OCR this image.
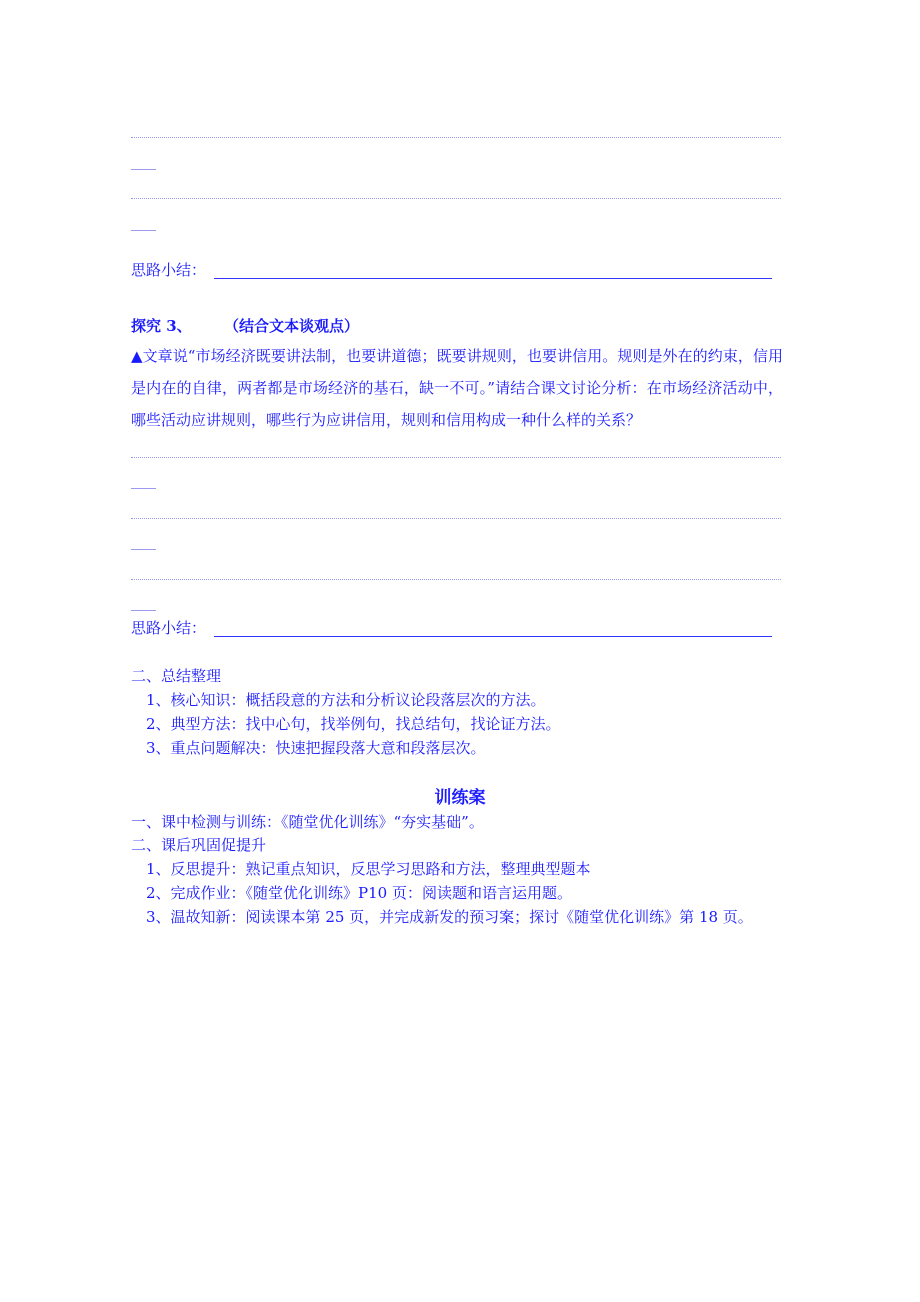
思路小结：
探究 3、 （结合文本谈观点）
▲文章说“市场经济既要讲法制，也要讲道德；既要讲规则，也要讲信用。规则是外在的约束，信用是内在的自律，两者都是市场经济的基石，缺一不可。”请结合课文讨论分析：在市场经济活动中，哪些活动应讲规则，哪些行为应讲信用，规则和信用构成一种什么样的关系？
思路小结：
二、总结整理
1、核心知识：概括段意的方法和分析议论段落层次的方法。
2、典型方法：找中心句，找举例句，找总结句，找论证方法。
3、重点问题解决：快速把握段落大意和段落层次。
训练案
一、课中检测与训练：《随堂优化训练》“夯实基础”。
二、课后巩固促提升
1、反思提升：熟记重点知识，反思学习思路和方法，整理典型题本
2、完成作业：《随堂优化训练》P10 页：阅读题和语言运用题。
3、温故知新：阅读课本第 25 页，并完成新发的预习案；探讨《随堂优化训练》第 18 页。
